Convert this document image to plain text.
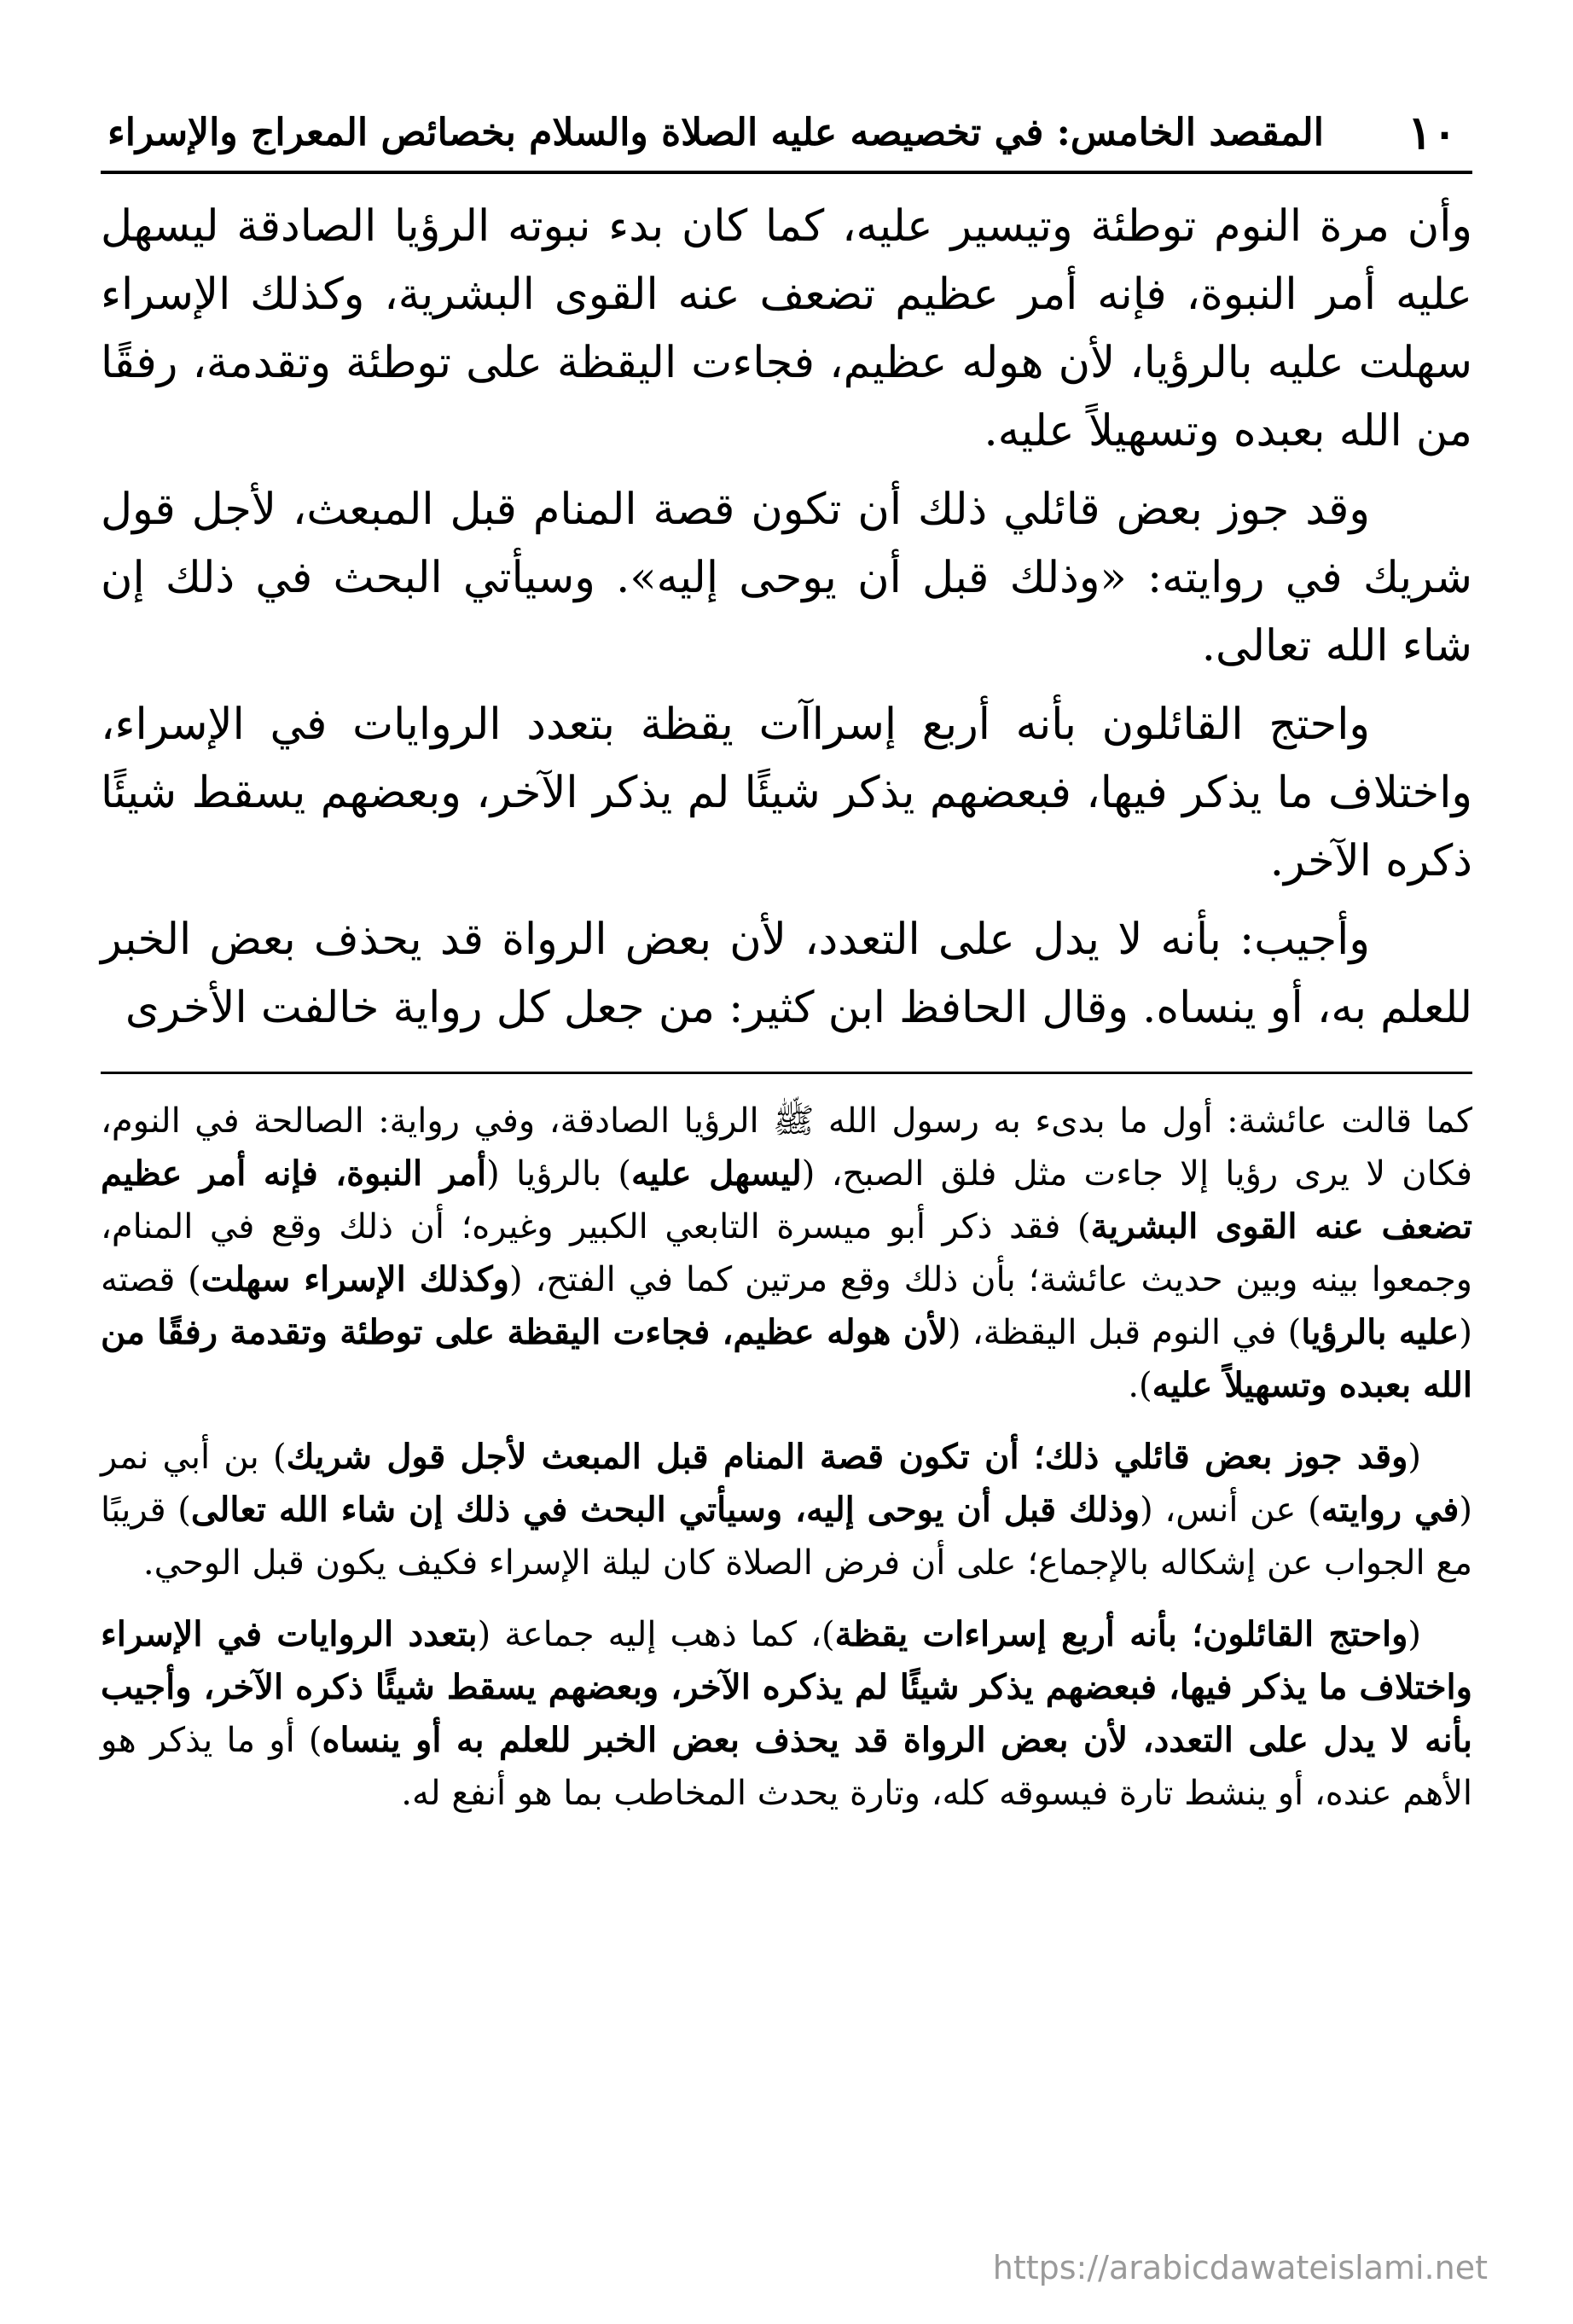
١٠
المقصد الخامس: في تخصيصه عليه الصلاة والسلام بخصائص المعراج والإسراء

وأن مرة النوم توطئة وتيسير عليه، كما كان بدء نبوته الرؤيا الصادقة ليسهل عليه أمر النبوة، فإنه أمر عظيم تضعف عنه القوى البشرية، وكذلك الإسراء سهلت عليه بالرؤيا، لأن هوله عظيم، فجاءت اليقظة على توطئة وتقدمة، رفقًا من الله بعبده وتسهيلاً عليه.

وقد جوز بعض قائلي ذلك أن تكون قصة المنام قبل المبعث، لأجل قول شريك في روايته: «وذلك قبل أن يوحى إليه». وسيأتي البحث في ذلك إن شاء الله تعالى.

واحتج القائلون بأنه أربع إسراآت يقظة بتعدد الروايات في الإسراء، واختلاف ما يذكر فيها، فبعضهم يذكر شيئًا لم يذكر الآخر، وبعضهم يسقط شيئًا ذكره الآخر.

وأجيب: بأنه لا يدل على التعدد، لأن بعض الرواة قد يحذف بعض الخبر للعلم به، أو ينساه. وقال الحافظ ابن كثير: من جعل كل رواية خالفت الأخرى

كما قالت عائشة: أول ما بدىء به رسول الله ﷺ الرؤيا الصادقة، وفي رواية: الصالحة في النوم، فكان لا يرى رؤيا إلا جاءت مثل فلق الصبح، (ليسهل عليه) بالرؤيا (أمر النبوة، فإنه أمر عظيم تضعف عنه القوى البشرية) فقد ذكر أبو ميسرة التابعي الكبير وغيره؛ أن ذلك وقع في المنام، وجمعوا بينه وبين حديث عائشة؛ بأن ذلك وقع مرتين كما في الفتح، (وكذلك الإسراء سهلت) قصته (عليه بالرؤيا) في النوم قبل اليقظة، (لأن هوله عظيم، فجاءت اليقظة على توطئة وتقدمة رفقًا من الله بعبده وتسهيلاً عليه).

(وقد جوز بعض قائلي ذلك؛ أن تكون قصة المنام قبل المبعث لأجل قول شريك) بن أبي نمر (في روايته) عن أنس، (وذلك قبل أن يوحى إليه، وسيأتي البحث في ذلك إن شاء الله تعالى) قريبًا مع الجواب عن إشكاله بالإجماع؛ على أن فرض الصلاة كان ليلة الإسراء فكيف يكون قبل الوحي.

(واحتج القائلون؛ بأنه أربع إسراءات يقظة)، كما ذهب إليه جماعة (بتعدد الروايات في الإسراء واختلاف ما يذكر فيها، فبعضهم يذكر شيئًا لم يذكره الآخر، وبعضهم يسقط شيئًا ذكره الآخر، وأجيب بأنه لا يدل على التعدد، لأن بعض الرواة قد يحذف بعض الخبر للعلم به أو ينساه) أو ما يذكر هو الأهم عنده، أو ينشط تارة فيسوقه كله، وتارة يحدث المخاطب بما هو أنفع له.

https://arabicdawateislami.net
